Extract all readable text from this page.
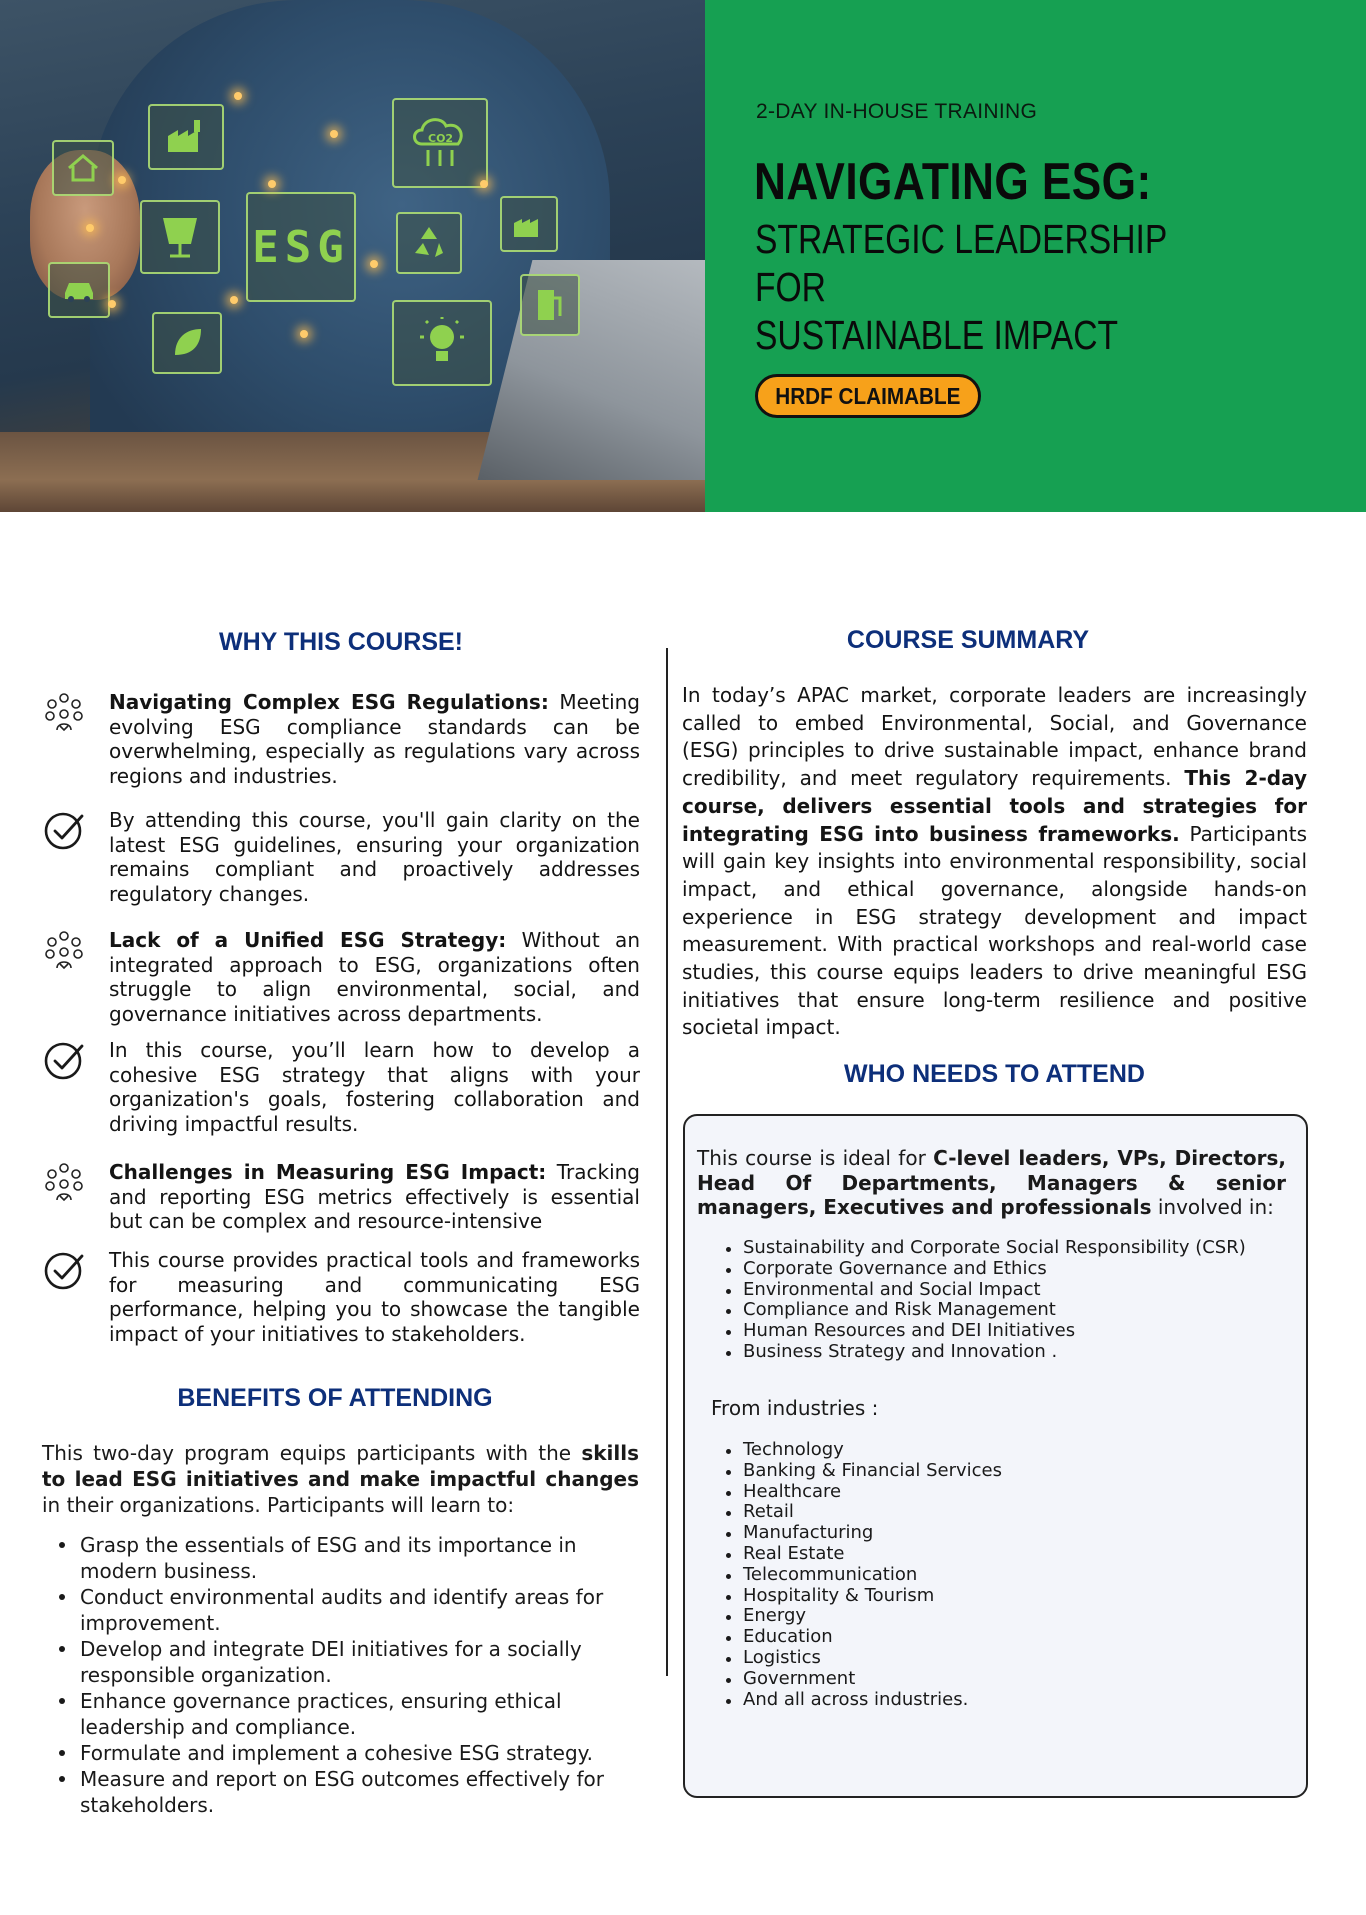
ESG
CO2
2-DAY IN-HOUSE TRAINING
NAVIGATING ESG:
STRATEGIC LEADERSHIP FOR
SUSTAINABLE IMPACT
HRDF CLAIMABLE
WHY THIS COURSE!
Navigating Complex ESG Regulations: Meeting evolving ESG compliance standards can be overwhelming, especially as regulations vary across regions and industries.
By attending this course, you'll gain clarity on the latest ESG guidelines, ensuring your organization remains compliant and proactively addresses regulatory changes.
Lack of a Unified ESG Strategy: Without an integrated approach to ESG, organizations often struggle to align environmental, social, and governance initiatives across departments.
In this course, you’ll learn how to develop a cohesive ESG strategy that aligns with your organization's goals, fostering collaboration and driving impactful results.
Challenges in Measuring ESG Impact: Tracking and reporting ESG metrics effectively is essential but can be complex and resource-intensive
This course provides practical tools and frameworks for measuring and communicating ESG performance, helping you to showcase the tangible impact of your initiatives to stakeholders.
BENEFITS OF ATTENDING
This two-day program equips participants with the skills to lead ESG initiatives and make impactful changes in their organizations. Participants will learn to:
Grasp the essentials of ESG and its importance in modern business.
Conduct environmental audits and identify areas for improvement.
Develop and integrate DEI initiatives for a socially responsible organization.
Enhance governance practices, ensuring ethical leadership and compliance.
Formulate and implement a cohesive ESG strategy.
Measure and report on ESG outcomes effectively for stakeholders.
COURSE SUMMARY
In today’s APAC market, corporate leaders are increasingly called to embed Environmental, Social, and Governance (ESG) principles to drive sustainable impact, enhance brand credibility, and meet regulatory requirements. This 2-day course, delivers essential tools and strategies for integrating ESG into business frameworks. Participants will gain key insights into environmental responsibility, social impact, and ethical governance, alongside hands-on experience in ESG strategy development and impact measurement. With practical workshops and real-world case studies, this course equips leaders to drive meaningful ESG initiatives that ensure long-term resilience and positive societal impact.
WHO NEEDS TO ATTEND
This course is ideal for C-level leaders, VPs, Directors, Head Of Departments, Managers & senior managers, Executives and professionals involved in:
Sustainability and Corporate Social Responsibility (CSR)
Corporate Governance and Ethics
Environmental and Social Impact
Compliance and Risk Management
Human Resources and DEI Initiatives
Business Strategy and Innovation .
From industries :
Technology
Banking & Financial Services
Healthcare
Retail
Manufacturing
Real Estate
Telecommunication
Hospitality & Tourism
Energy
Education
Logistics
Government
And all across industries.
